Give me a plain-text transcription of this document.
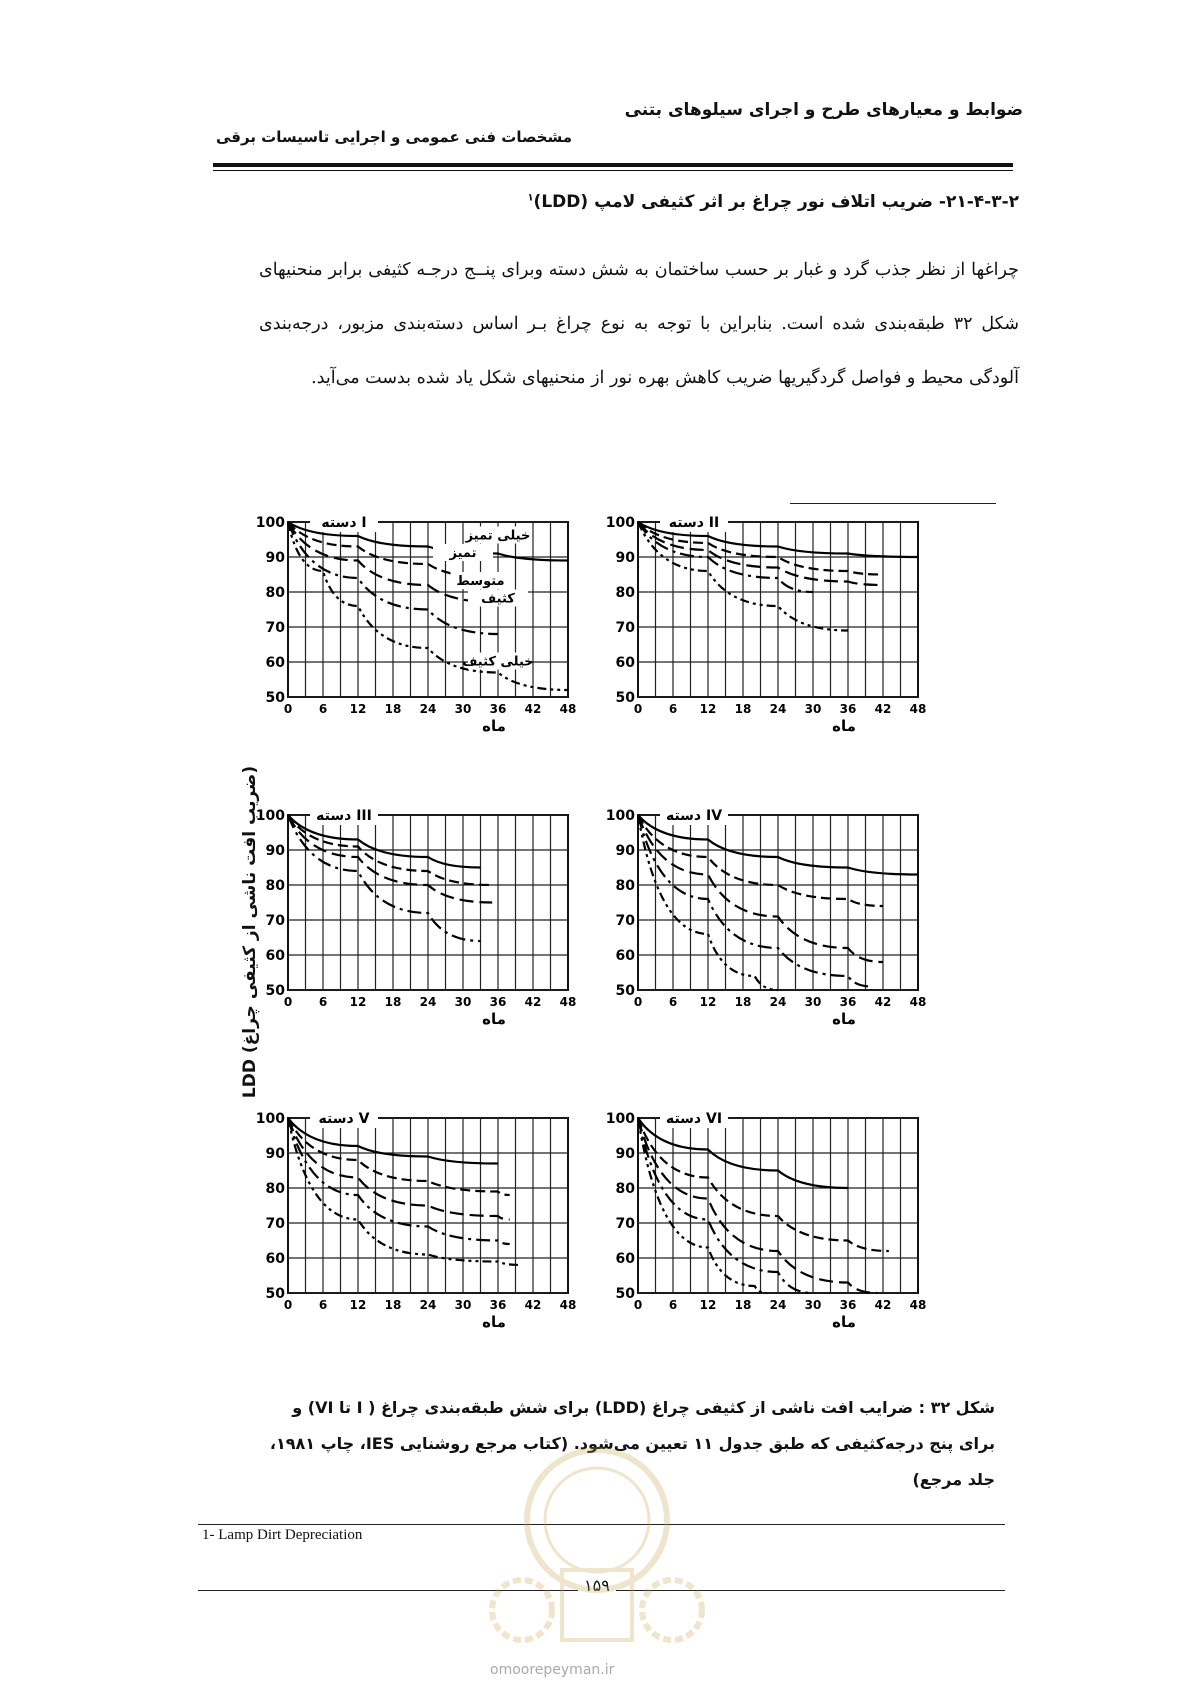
ضوابط و معیارهای طرح و اجرای سیلوهای بتنی
مشخصات فنی عمومی و اجرایی تاسیسات برقی
۲۱-۴-۳-۲- ضریب اتلاف نور چراغ بر اثر کثیفی لامپ (LDD)$^۱$
چراغها از نظر جذب گرد و غبار بر حسب ساختمان به شش دسته وبرای پنــج درجـه کثیفی برابر منحنیهای شکل ۳۲ طبقه‌بندی شده است. بنابراین با توجه به نوع چراغ بـر اساس دسته‌بندی مزبور، درجه‌بندی آلودگی محیط و فواصل گردگیریها ضریب کاهش بهره نور از منحنیهای شکل یاد شده بدست می‌آید.
LDD (ضریب افت ناشی از کثیفی چراغ)
50
60
70
80
90
100
0 6 12 18 24 30 36 42 48
ماه
دسته I
خیلی تمیز
تمیز
متوسط
کثیف
خیلی کثیف
50
60
70
80
90
100
0 6 12 18 24 30 36 42 48
ماه
دسته II
50
60
70
80
90
100
0 6 12 18 24 30 36 42 48
ماه
دسته III
50
60
70
80
90
100
0 6 12 18 24 30 36 42 48
ماه
دسته IV
50
60
70
80
90
100
0 6 12 18 24 30 36 42 48
ماه
دسته V
50
60
70
80
90
100
0 6 12 18 24 30 36 42 48
ماه
دسته VI
شکل ۳۲ : ضرایب افت ناشی از کثیفی چراغ (LDD) برای شش طبقه‌بندی چراغ ( I تا VI) و برای پنج درجه‌کثیفی که طبق جدول ۱۱ تعیین می‌شود. (کتاب مرجع روشنایی IES، چاپ ۱۹۸۱، جلد مرجع)
1- Lamp Dirt Depreciation
۱۵۹
omoorepeyman.ir
